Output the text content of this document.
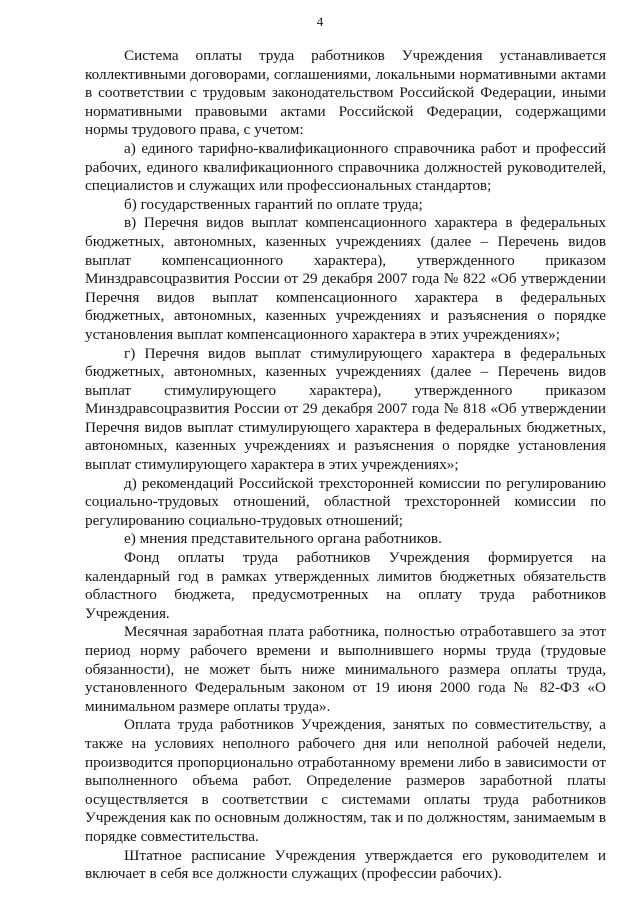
4

Система оплаты труда работников Учреждения устанавливается коллективными договорами, соглашениями, локальными нормативными актами в соответствии с трудовым законодательством Российской Федерации, иными нормативными правовыми актами Российской Федерации, содержащими нормы трудового права, с учетом:

а) единого тарифно-квалификационного справочника работ и профессий рабочих, единого квалификационного справочника должностей руководителей, специалистов и служащих или профессиональных стандартов;

б) государственных гарантий по оплате труда;

в) Перечня видов выплат компенсационного характера в федеральных бюджетных, автономных, казенных учреждениях (далее – Перечень видов выплат компенсационного характера), утвержденного приказом Минздравсоцразвития России от 29 декабря 2007 года № 822 «Об утверждении Перечня видов выплат компенсационного характера в федеральных бюджетных, автономных, казенных учреждениях и разъяснения о порядке установления выплат компенсационного характера в этих учреждениях»;

г) Перечня видов выплат стимулирующего характера в федеральных бюджетных, автономных, казенных учреждениях (далее – Перечень видов выплат стимулирующего характера), утвержденного приказом Минздравсоцразвития России от 29 декабря 2007 года № 818 «Об утверждении Перечня видов выплат стимулирующего характера в федеральных бюджетных, автономных, казенных учреждениях и разъяснения о порядке установления выплат стимулирующего характера в этих учреждениях»;

д) рекомендаций Российской трехсторонней комиссии по регулированию социально-трудовых отношений, областной трехсторонней комиссии по регулированию социально-трудовых отношений;

е) мнения представительного органа работников.

Фонд оплаты труда работников Учреждения формируется на календарный год в рамках утвержденных лимитов бюджетных обязательств областного бюджета, предусмотренных на оплату труда работников Учреждения.

Месячная заработная плата работника, полностью отработавшего за этот период норму рабочего времени и выполнившего нормы труда (трудовые обязанности), не может быть ниже минимального размера оплаты труда, установленного Федеральным законом от 19 июня 2000 года № 82-ФЗ «О минимальном размере оплаты труда».

Оплата труда работников Учреждения, занятых по совместительству, а также на условиях неполного рабочего дня или неполной рабочей недели, производится пропорционально отработанному времени либо в зависимости от выполненного объема работ. Определение размеров заработной платы осуществляется в соответствии с системами оплаты труда работников Учреждения как по основным должностям, так и по должностям, занимаемым в порядке совместительства.

Штатное расписание Учреждения утверждается его руководителем и включает в себя все должности служащих (профессии рабочих).
